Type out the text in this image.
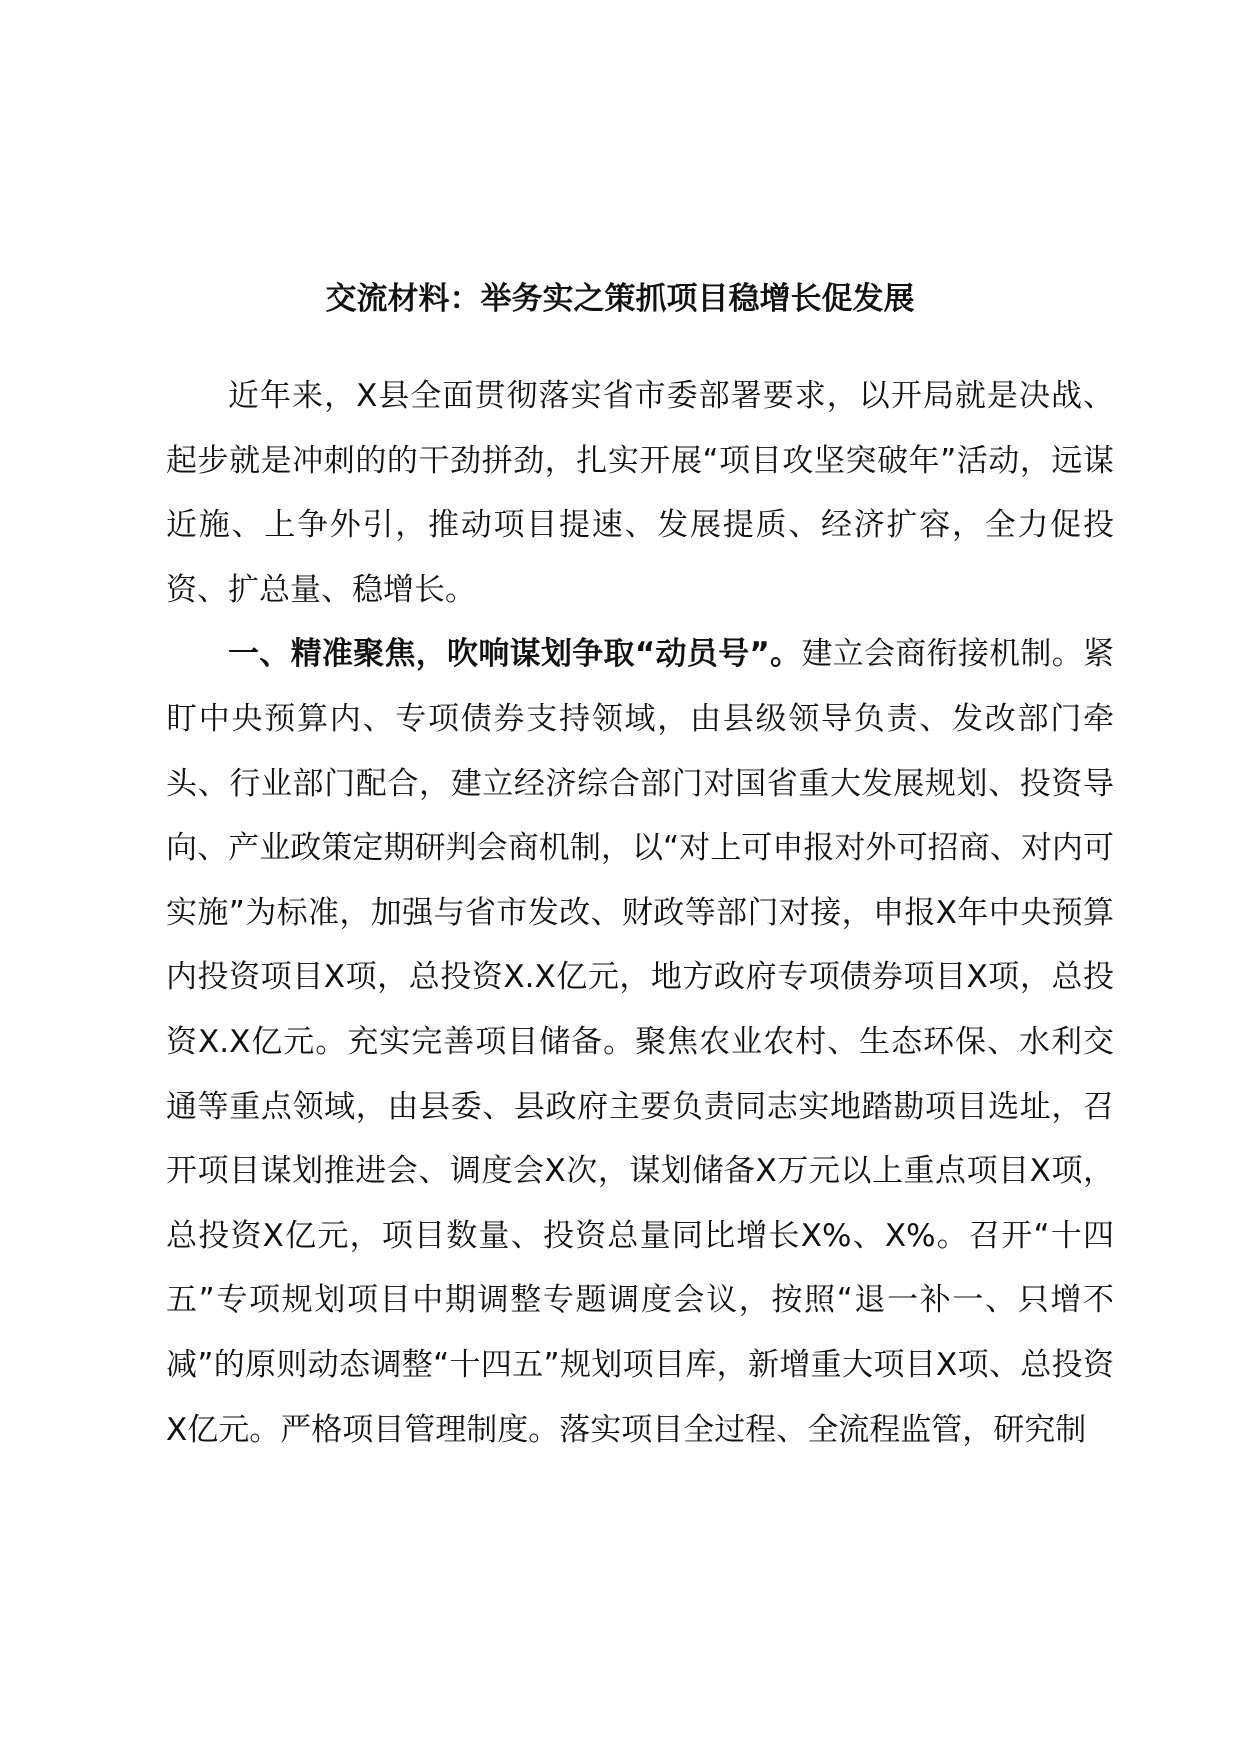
交流材料：举务实之策抓项目稳增长促发展

近年来，X县全面贯彻落实省市委部署要求，以开局就是决战、起步就是冲刺的的干劲拼劲，扎实开展“项目攻坚突破年”活动，远谋近施、上争外引，推动项目提速、发展提质、经济扩容，全力促投资、扩总量、稳增长。

一、精准聚焦，吹响谋划争取“动员号”。建立会商衔接机制。紧盯中央预算内、专项债券支持领域，由县级领导负责、发改部门牵头、行业部门配合，建立经济综合部门对国省重大发展规划、投资导向、产业政策定期研判会商机制，以“对上可申报对外可招商、对内可实施”为标准，加强与省市发改、财政等部门对接，申报X年中央预算内投资项目X项，总投资X.X亿元，地方政府专项债券项目X项，总投资X.X亿元。充实完善项目储备。聚焦农业农村、生态环保、水利交通等重点领域，由县委、县政府主要负责同志实地踏勘项目选址，召开项目谋划推进会、调度会X次，谋划储备X万元以上重点项目X项，总投资X亿元，项目数量、投资总量同比增长X%、X%。召开“十四五”专项规划项目中期调整专题调度会议，按照“退一补一、只增不减”的原则动态调整“十四五”规划项目库，新增重大项目X项、总投资X亿元。严格项目管理制度。落实项目全过程、全流程监管，研究制
